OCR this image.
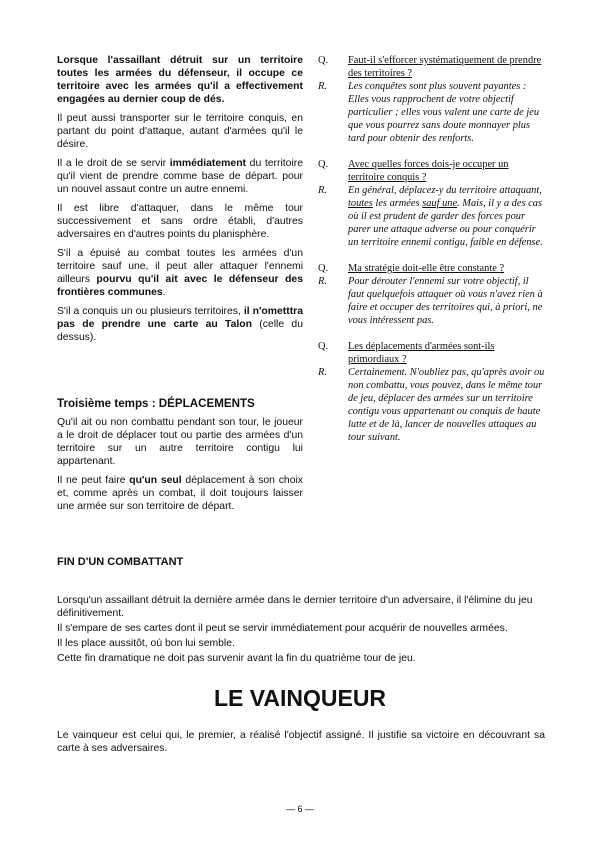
Lorsque l'assaillant détruit sur un territoire toutes les armées du défenseur, il occupe ce territoire avec les armées qu'il a effectivement engagées au dernier coup de dés.

Il peut aussi transporter sur le territoire conquis, en partant du point d'attaque, autant d'armées qu'il le désire.

Il a le droit de se servir immédiatement du territoire qu'il vient de prendre comme base de départ. pour un nouvel assaut contre un autre ennemi.

Il est libre d'attaquer, dans le même tour successivement et sans ordre établi, d'autres adversaires en d'autres points du planisphère.

S'il a épuisé au combat toutes les armées d'un territoire sauf une, il peut aller attaquer l'ennemi ailleurs pourvu qu'il ait avec le défenseur des frontières communes.

S'il a conquis un ou plusieurs territoires, il n'ometttra pas de prendre une carte au Talon (celle du dessus).

Troisième temps : DÉPLACEMENTS

Qu'il ait ou non combattu pendant son tour, le joueur a le droit de déplacer tout ou partie des armées d'un territoire sur un autre territoire contigu lui appartenant.

Il ne peut faire qu'un seul déplacement à son choix et, comme après un combat, il doit toujours laisser une armée sur son territoire de départ.

Q.	Faut-il s'efforcer systématiquement de prendre des territoires ?
R.	Les conquêtes sont plus souvent payantes : Elles vous rapprochent de votre objectif particulier ; elles vous valent une carte de jeu que vous pourrez sans doute monnayer plus tard pour obtenir des renforts.
Q.	Avec quelles forces dois-je occuper un territoire conquis ?
R.	En général, déplacez-y du territoire attaquant, toutes les armées sauf une. Mais, il y a des cas où il est prudent de garder des forces pour parer une attaque adverse ou pour conquérir un territoire ennemi contigu, faible en défense.
Q.	Ma stratégie doit-elle être constante ?
R.	Pour dérouter l'ennemi sur votre objectif, il faut quelquefois attaquer où vous n'avez rien à faire et occuper des territoires qui, à priori, ne vous intéressent pas.
Q.	Les déplacements d'armées sont-ils primordiaux ?
R.	Certainement. N'oubliez pas, qu'après avoir ou non combattu, vous pouvez, dans le même tour de jeu, déplacer des armées sur un territoire contigu vous appartenant ou conquis de haute lutte et de là, lancer de nouvelles attaques au tour suivant.
FIN D'UN COMBATTANT

Lorsqu'un assaillant détruit la dernière armée dans le dernier territoire d'un adversaire, il l'élimine du jeu définitivement.

Il s'empare de ses cartes dont il peut se servir immédiatement pour acquérir de nouvelles armées.

Il les place aussitôt, où bon lui semble.

Cette fin dramatique ne doit pas survenir avant la fin du quatrième tour de jeu.

LE VAINQUEUR

Le vainqueur est celui qui, le premier, a réalisé l'objectif assigné. Il justifie sa victoire en découvrant sa carte à ses adversaires.

— 6 —
